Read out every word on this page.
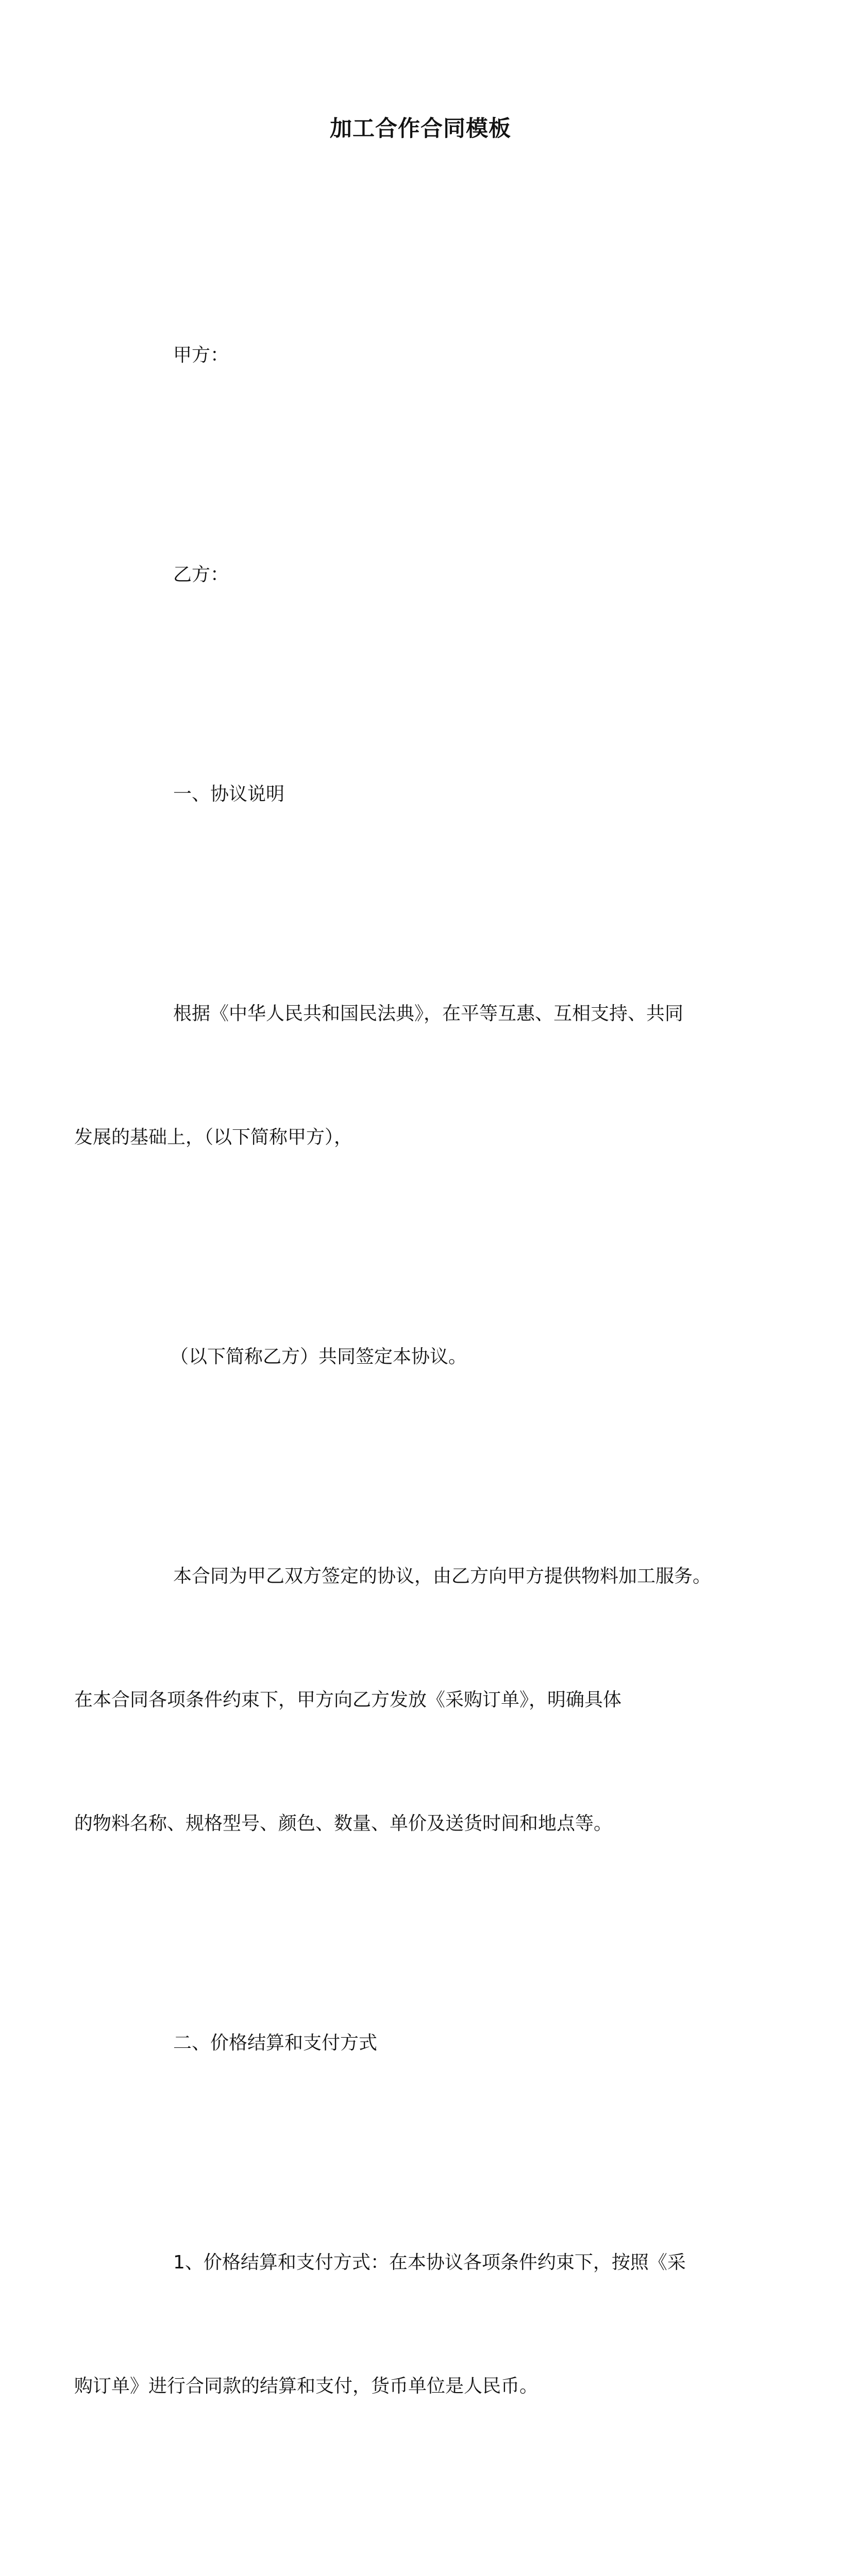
加工合作合同模板

甲方：

乙方：

一、协议说明

根据《中华人民共和国民法典》，在平等互惠、互相支持、共同

发展的基础上，（以下简称甲方），

（以下简称乙方）共同签定本协议。

本合同为甲乙双方签定的协议，由乙方向甲方提供物料加工服务。

在本合同各项条件约束下，甲方向乙方发放《采购订单》，明确具体

的物料名称、规格型号、颜色、数量、单价及送货时间和地点等。

二、价格结算和支付方式

1、价格结算和支付方式：在本协议各项条件约束下，按照《采

购订单》进行合同款的结算和支付，货币单位是人民币。
